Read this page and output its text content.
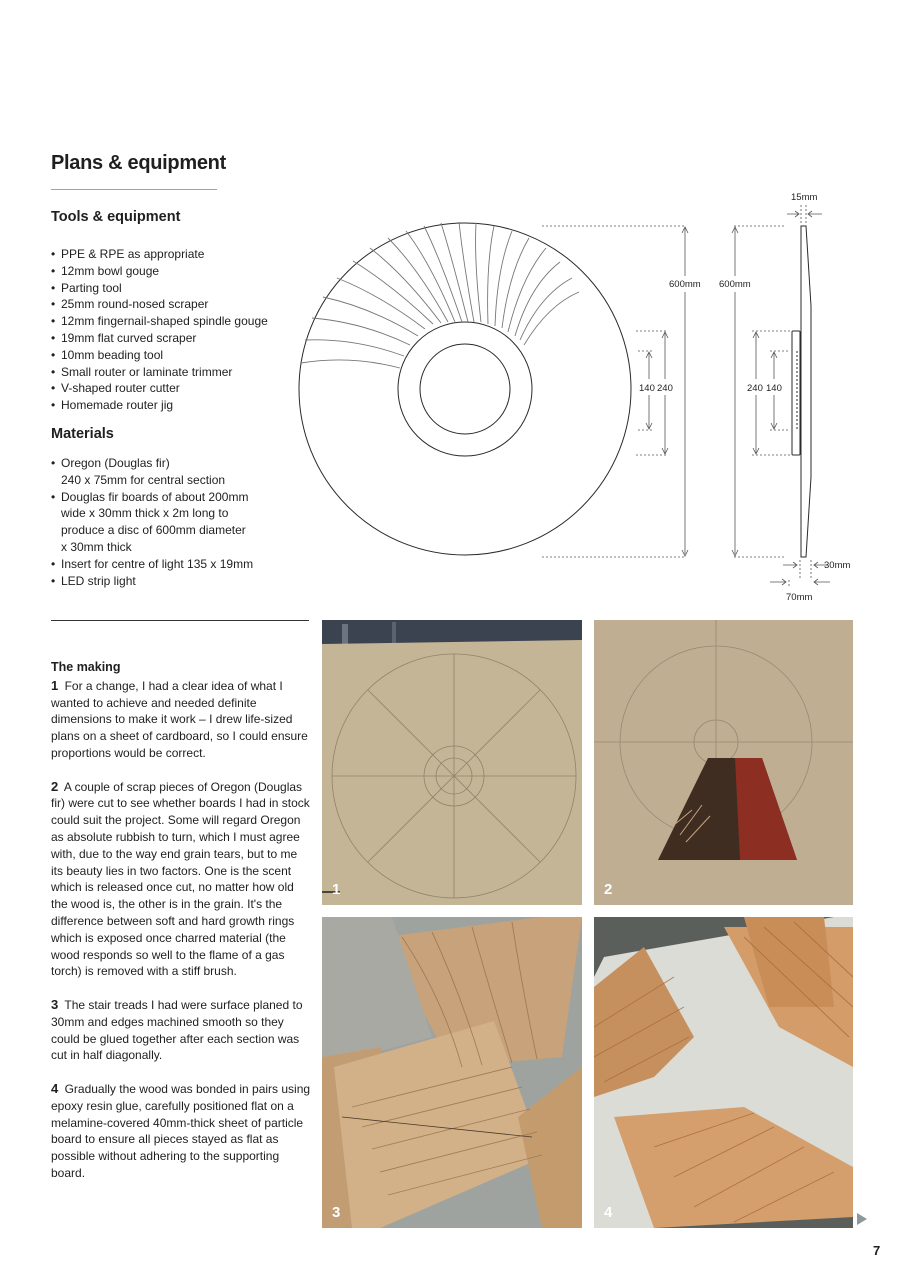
Plans & equipment
Tools & equipment
• PPE & RPE as appropriate
• 12mm bowl gouge
• Parting tool
• 25mm round-nosed scraper
• 12mm fingernail-shaped spindle gouge
• 19mm flat curved scraper
• 10mm beading tool
• Small router or laminate trimmer
• V-shaped router cutter
• Homemade router jig
Materials
• Oregon (Douglas fir)
240 x 75mm for central section
• Douglas fir boards of about 200mm
wide x 30mm thick x 2m long to
produce a disc of 600mm diameter
x 30mm thick
• Insert for centre of light 135 x 19mm
• LED strip light
600mm 600mm
140 240	240 140
15mm
30mm
70mm
The making

1 For a change, I had a clear idea of what I wanted to achieve and needed definite dimensions to make it work – I drew life-sized plans on a sheet of cardboard, so I could ensure proportions would be correct.

2 A couple of scrap pieces of Oregon (Douglas fir) were cut to see whether boards I had in stock could suit the project. Some will regard Oregon as absolute rubbish to turn, which I must agree with, due to the way end grain tears, but to me its beauty lies in two factors. One is the scent which is released once cut, no matter how old the wood is, the other is in the grain. It's the difference between soft and hard growth rings which is exposed once charred material (the wood responds so well to the flame of a gas torch) is removed with a stiff brush.

3 The stair treads I had were surface planed to 30mm and edges machined smooth so they could be glued together after each section was cut in half diagonally.

4 Gradually the wood was bonded in pairs using epoxy resin glue, carefully positioned flat on a melamine-covered 40mm-thick sheet of particle board to ensure all pieces stayed as flat as possible without adhering to the supporting board.

1	2
3	4
7
